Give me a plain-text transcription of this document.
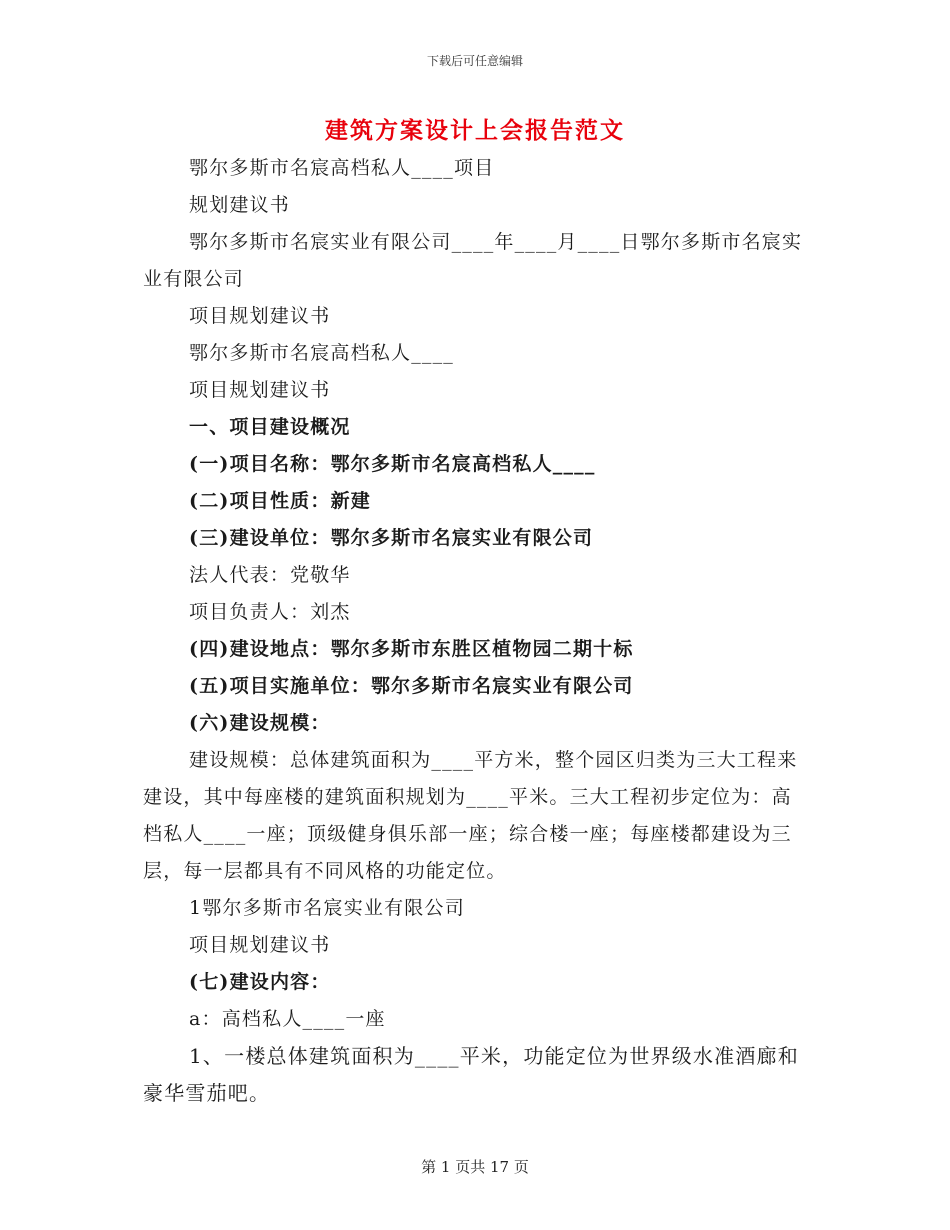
下载后可任意编辑
建筑方案设计上会报告范文

鄂尔多斯市名宸高档私人____项目

规划建议书

鄂尔多斯市名宸实业有限公司____年____月____日鄂尔多斯市名宸实业有限公司

项目规划建议书

鄂尔多斯市名宸高档私人____

项目规划建议书

一、项目建设概况

(一)项目名称：鄂尔多斯市名宸高档私人____

(二)项目性质：新建

(三)建设单位：鄂尔多斯市名宸实业有限公司

法人代表：党敬华

项目负责人：刘杰

(四)建设地点：鄂尔多斯市东胜区植物园二期十标

(五)项目实施单位：鄂尔多斯市名宸实业有限公司

(六)建设规模：

建设规模：总体建筑面积为____平方米，整个园区归类为三大工程来建设，其中每座楼的建筑面积规划为____平米。三大工程初步定位为：高档私人____一座；顶级健身俱乐部一座；综合楼一座；每座楼都建设为三层，每一层都具有不同风格的功能定位。

1鄂尔多斯市名宸实业有限公司

项目规划建议书

(七)建设内容：

a：高档私人____一座

1、一楼总体建筑面积为____平米，功能定位为世界级水准酒廊和豪华雪茄吧。

第 1 页共 17 页
